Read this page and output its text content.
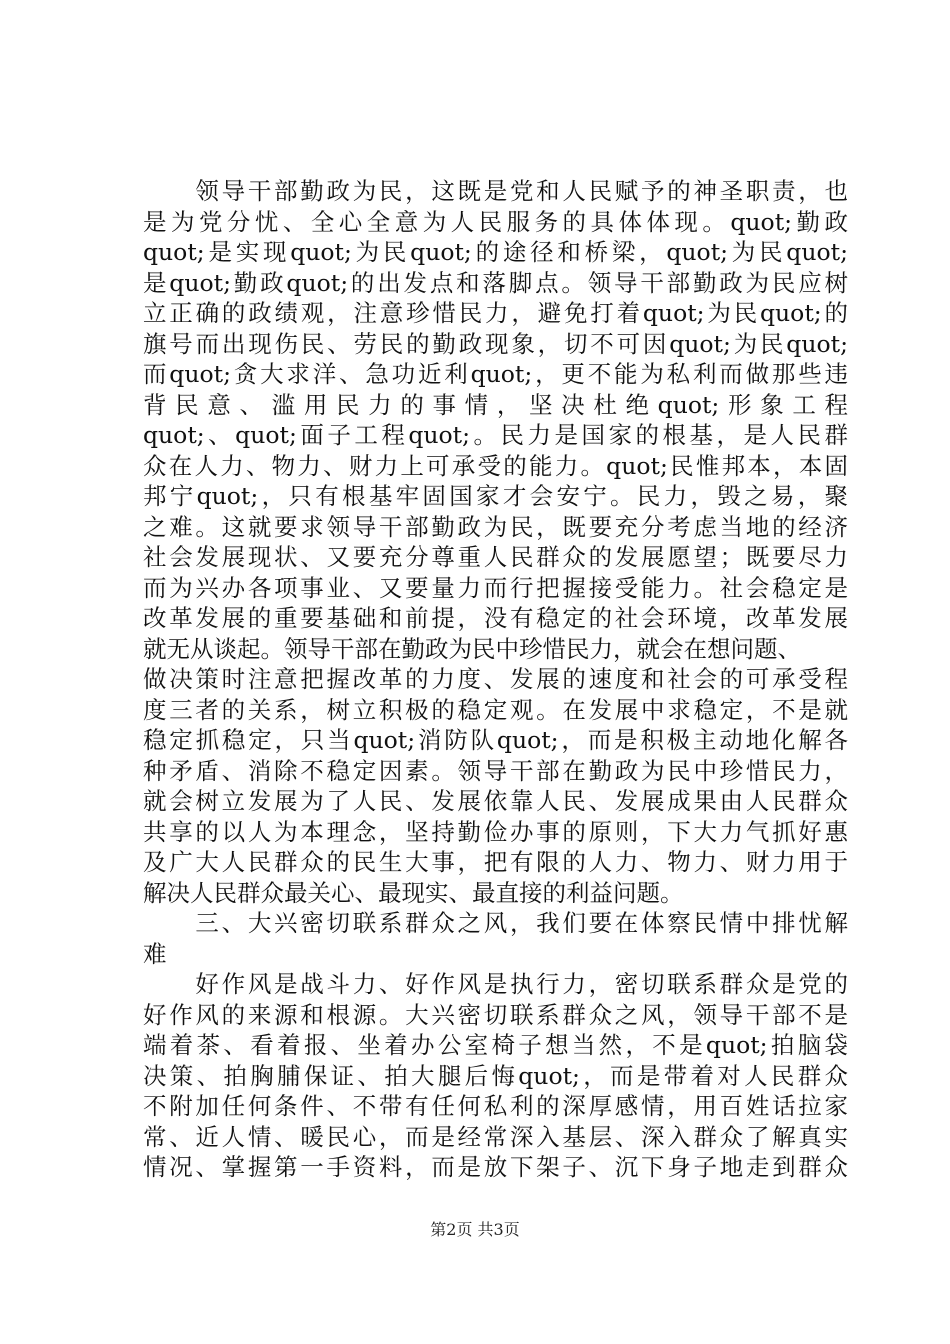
　　领导干部勤政为民，这既是党和人民赋予的神圣职责，也
是为党分忧、全心全意为人民服务的具体体现。quot;勤政
quot;是实现quot;为民quot;的途径和桥梁，quot;为民quot;
是quot;勤政quot;的出发点和落脚点。领导干部勤政为民应树
立正确的政绩观，注意珍惜民力，避免打着quot;为民quot;的
旗号而出现伤民、劳民的勤政现象，切不可因quot;为民quot;
而quot;贪大求洋、急功近利quot;，更不能为私利而做那些违
背民意、滥用民力的事情，坚决杜绝quot;形象工程
quot;、quot;面子工程quot;。民力是国家的根基，是人民群
众在人力、物力、财力上可承受的能力。quot;民惟邦本，本固
邦宁quot;，只有根基牢固国家才会安宁。民力，毁之易，聚
之难。这就要求领导干部勤政为民，既要充分考虑当地的经济
社会发展现状、又要充分尊重人民群众的发展愿望；既要尽力
而为兴办各项事业、又要量力而行把握接受能力。社会稳定是
改革发展的重要基础和前提，没有稳定的社会环境，改革发展
就无从谈起。领导干部在勤政为民中珍惜民力，就会在想问题、
做决策时注意把握改革的力度、发展的速度和社会的可承受程
度三者的关系，树立积极的稳定观。在发展中求稳定，不是就
稳定抓稳定，只当quot;消防队quot;，而是积极主动地化解各
种矛盾、消除不稳定因素。领导干部在勤政为民中珍惜民力，
就会树立发展为了人民、发展依靠人民、发展成果由人民群众
共享的以人为本理念，坚持勤俭办事的原则，下大力气抓好惠
及广大人民群众的民生大事，把有限的人力、物力、财力用于
解决人民群众最关心、最现实、最直接的利益问题。
　　三、大兴密切联系群众之风，我们要在体察民情中排忧解
难
　　好作风是战斗力、好作风是执行力，密切联系群众是党的
好作风的来源和根源。大兴密切联系群众之风，领导干部不是
端着茶、看着报、坐着办公室椅子想当然，不是quot;拍脑袋
决策、拍胸脯保证、拍大腿后悔quot;，而是带着对人民群众
不附加任何条件、不带有任何私利的深厚感情，用百姓话拉家
常、近人情、暖民心，而是经常深入基层、深入群众了解真实
情况、掌握第一手资料，而是放下架子、沉下身子地走到群众
第2页 共3页
